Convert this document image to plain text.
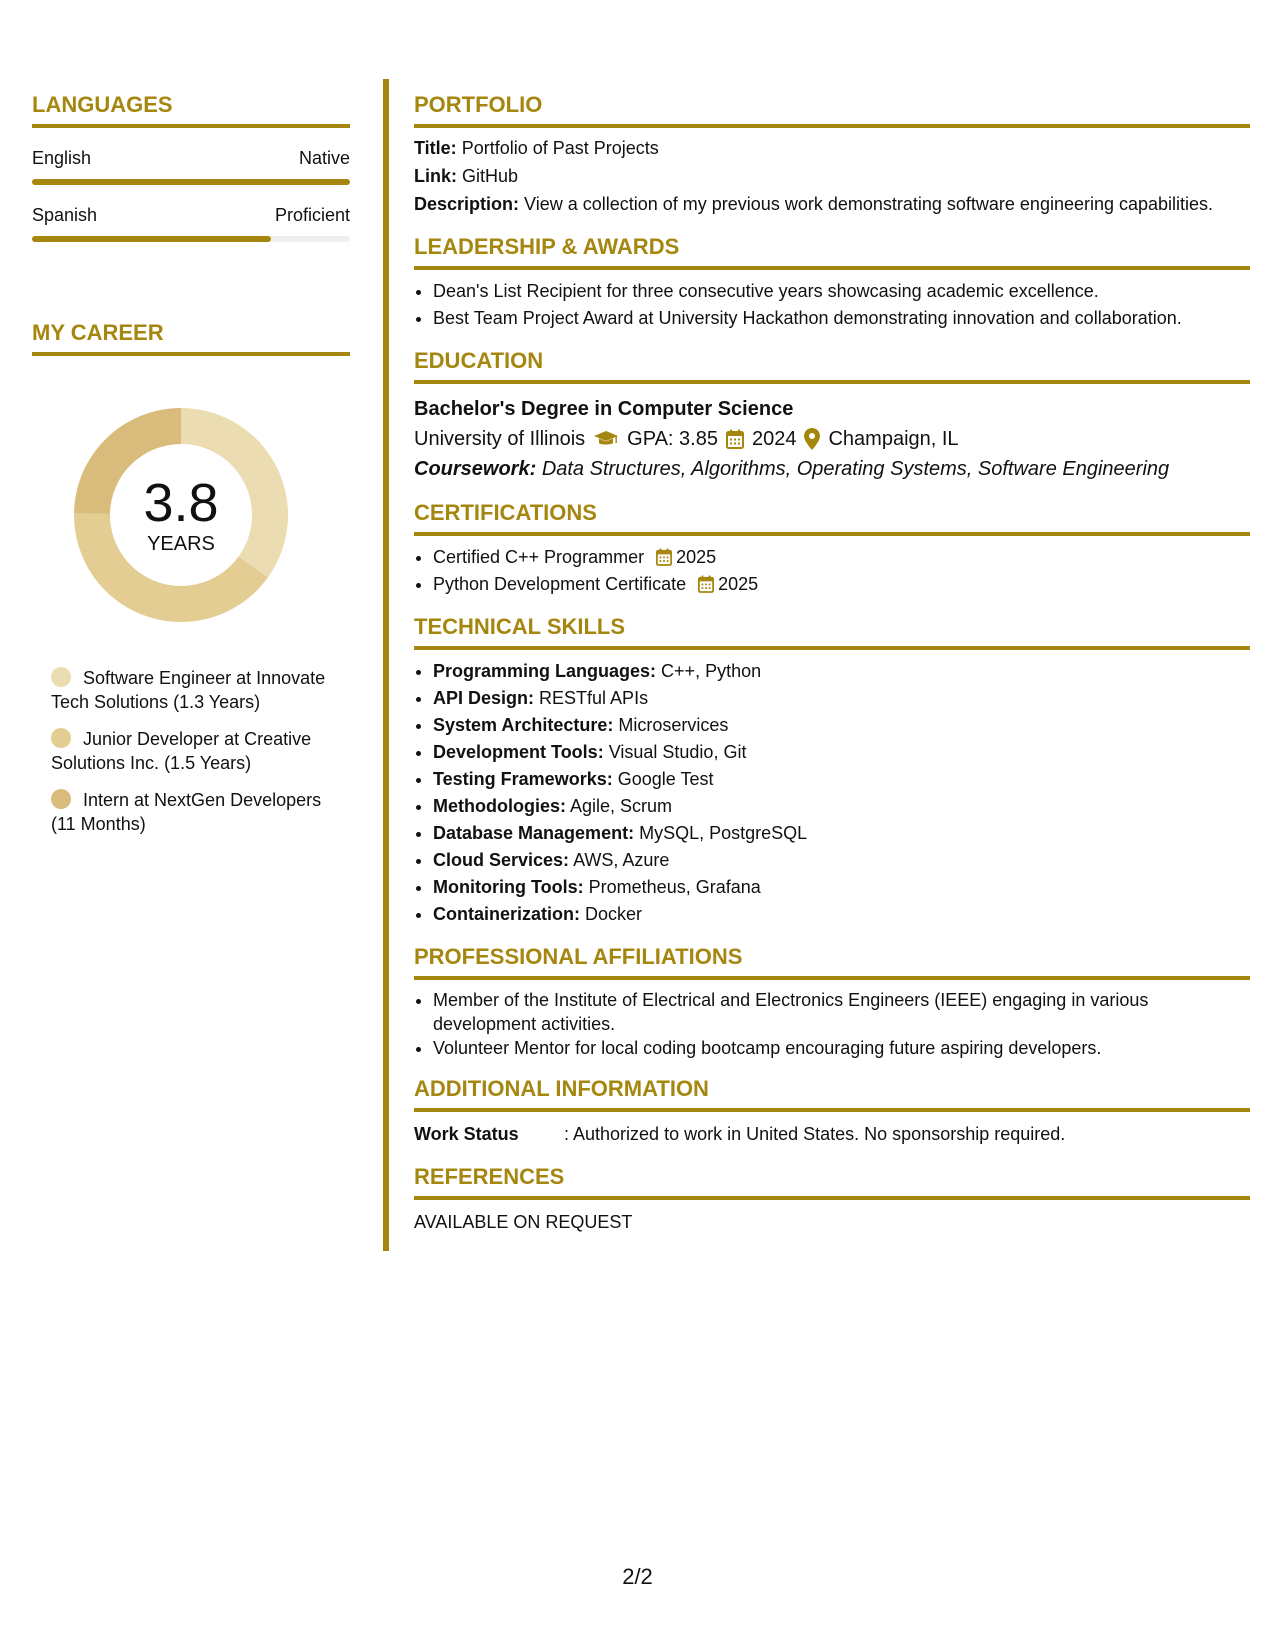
LANGUAGES
English	Native
Spanish	Proficient
MY CAREER
3.8
YEARS
Software Engineer at Innovate Tech Solutions (1.3 Years)
Junior Developer at Creative Solutions Inc. (1.5 Years)
Intern at NextGen Developers (11 Months)
PORTFOLIO
Title: Portfolio of Past Projects
Link: GitHub
Description: View a collection of my previous work demonstrating software engineering capabilities.
LEADERSHIP & AWARDS
• Dean's List Recipient for three consecutive years showcasing academic excellence.
• Best Team Project Award at University Hackathon demonstrating innovation and collaboration.
EDUCATION
Bachelor's Degree in Computer Science
University of Illinois GPA: 3.85 2024 Champaign, IL
Coursework: Data Structures, Algorithms, Operating Systems, Software Engineering
CERTIFICATIONS
• Certified C++ Programmer 2025
• Python Development Certificate 2025
TECHNICAL SKILLS
• Programming Languages: C++, Python
• API Design: RESTful APIs
• System Architecture: Microservices
• Development Tools: Visual Studio, Git
• Testing Frameworks: Google Test
• Methodologies: Agile, Scrum
• Database Management: MySQL, PostgreSQL
• Cloud Services: AWS, Azure
• Monitoring Tools: Prometheus, Grafana
• Containerization: Docker
PROFESSIONAL AFFILIATIONS
• Member of the Institute of Electrical and Electronics Engineers (IEEE) engaging in various development activities.
• Volunteer Mentor for local coding bootcamp encouraging future aspiring developers.
ADDITIONAL INFORMATION
Work Status	: Authorized to work in United States. No sponsorship required.
REFERENCES
AVAILABLE ON REQUEST
2/2
